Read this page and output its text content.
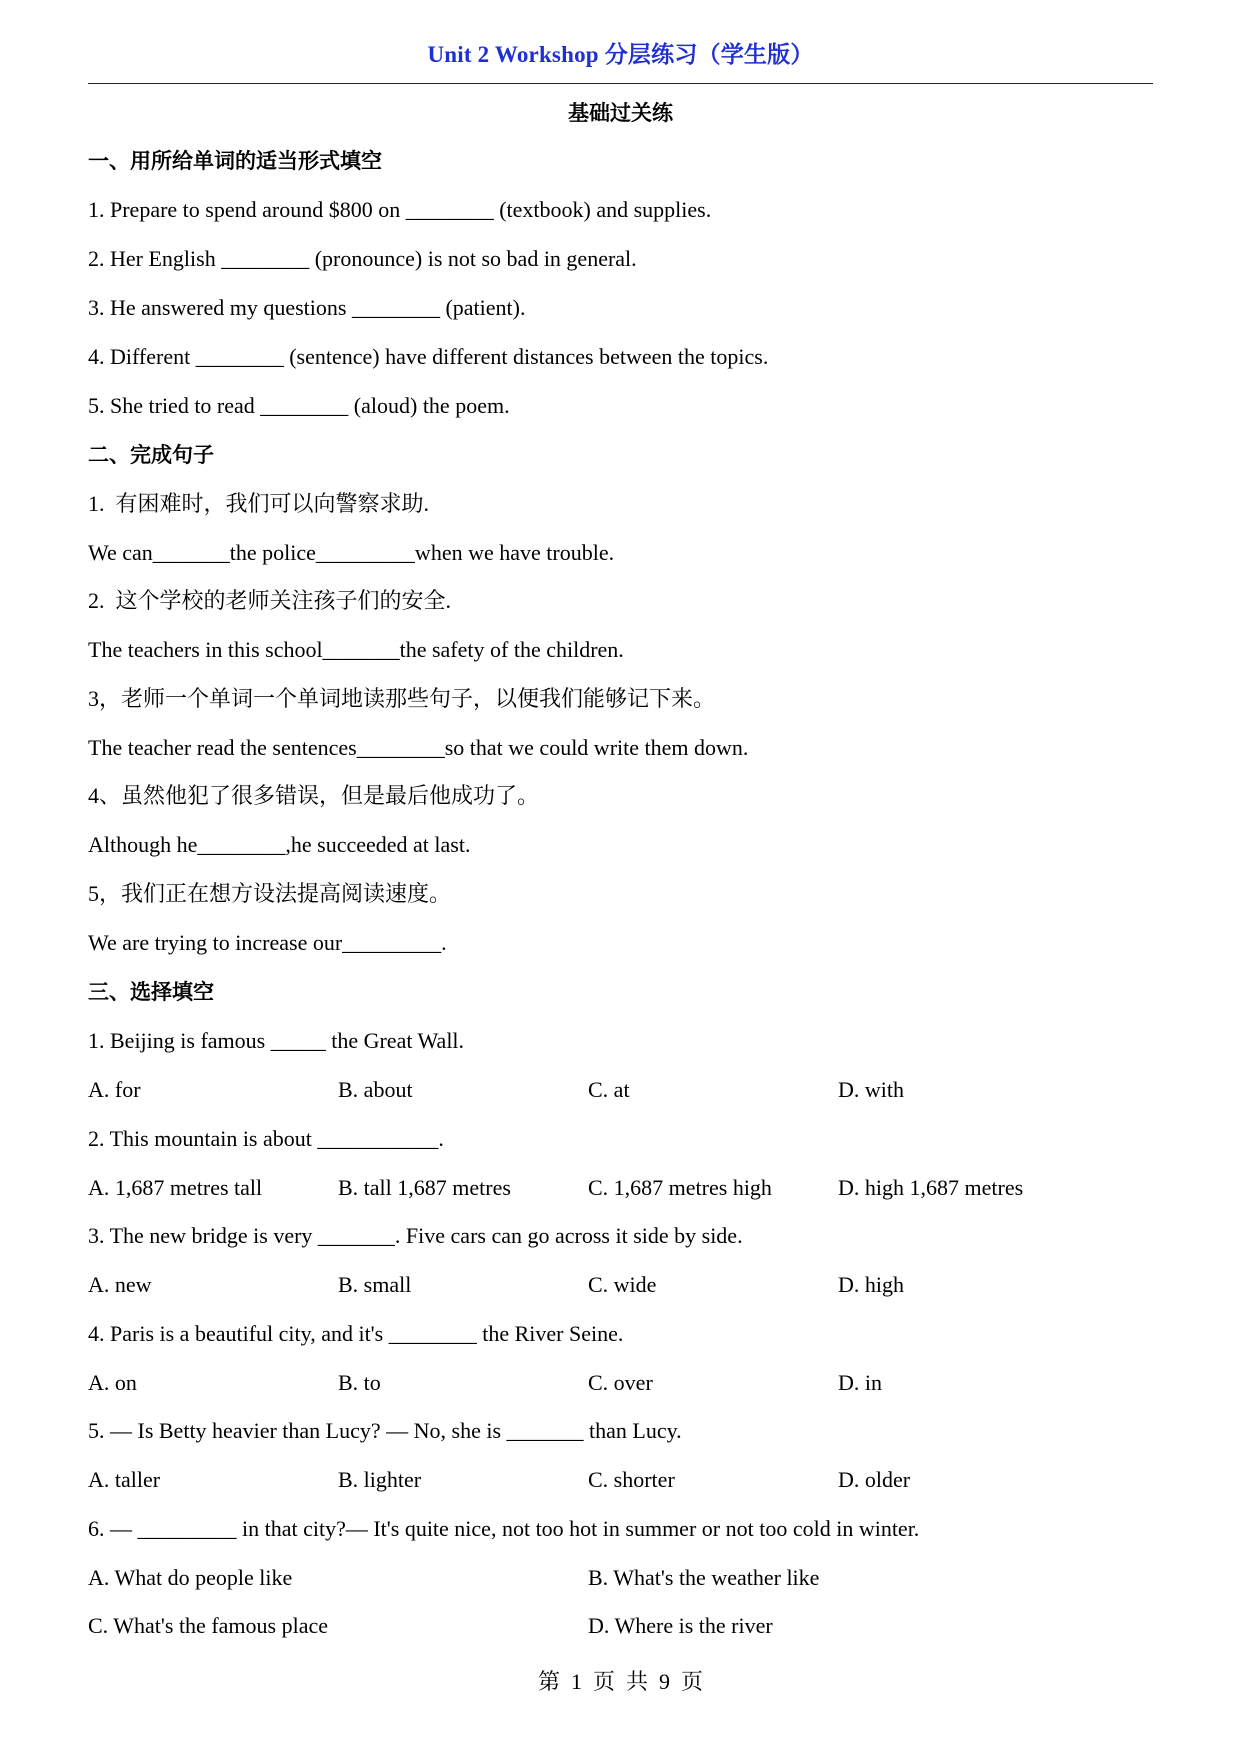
Unit 2 Workshop 分层练习（学生版）
基础过关练
一、用所给单词的适当形式填空
1. Prepare to spend around $800 on ________ (textbook) and supplies.
2. Her English ________ (pronounce) is not so bad in general.
3. He answered my questions ________ (patient).
4. Different ________ (sentence) have different distances between the topics.
5. She tried to read ________ (aloud) the poem.
二、完成句子
1.  有困难时，我们可以向警察求助.
We can_______the police_________when we have trouble.
2.  这个学校的老师关注孩子们的安全.
The teachers in this school_______the safety of the children.
3，老师一个单词一个单词地读那些句子，以便我们能够记下来。
The teacher read the sentences________so that we could write them down.
4、虽然他犯了很多错误，但是最后他成功了。
Although he________,he succeeded at last.
5，我们正在想方设法提高阅读速度。
We are trying to increase our_________.
三、选择填空
1. Beijing is famous _____ the Great Wall.
A. for	B. about	C. at	D. with
2. This mountain is about ___________.
A. 1,687 metres tall	B. tall 1,687 metres	C. 1,687 metres high	D. high 1,687 metres
3. The new bridge is very _______. Five cars can go across it side by side.
A. new	B. small	C. wide	D. high
4. Paris is a beautiful city, and it's ________ the River Seine.
A. on	B. to	C. over	D. in
5. — Is Betty heavier than Lucy? — No, she is _______ than Lucy.
A. taller	B. lighter	C. shorter	D. older
6. — _________ in that city?— It's quite nice, not too hot in summer or not too cold in winter.
A. What do people like	B. What's the weather like
C. What's the famous place	D. Where is the river
第  1  页  共  9  页
